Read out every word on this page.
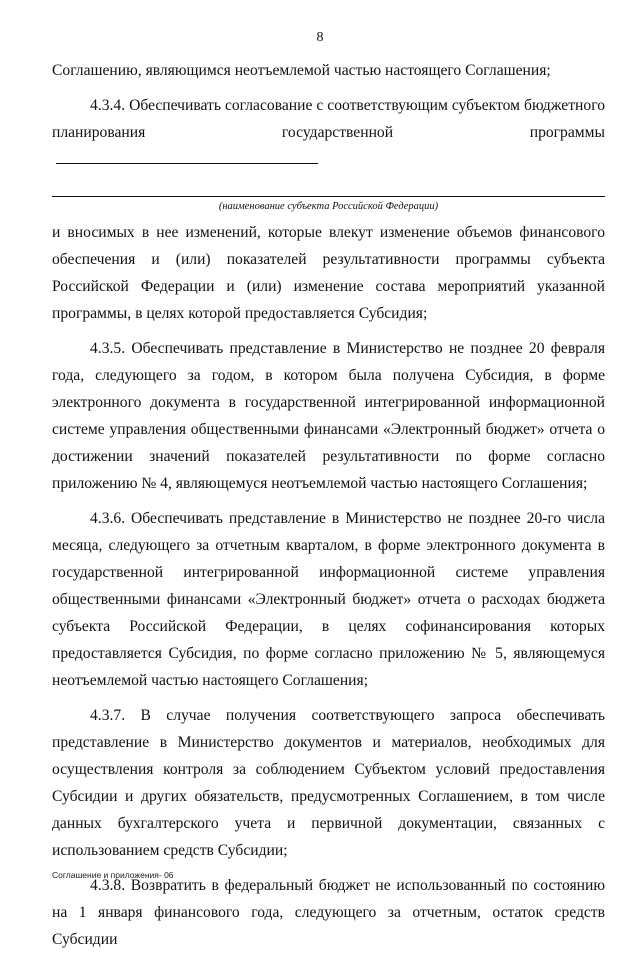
8

Соглашению, являющимся неотъемлемой частью настоящего Соглашения;

4.3.4. Обеспечивать согласование с соответствующим субъектом бюджетного планирования государственной программы

(наименование субъекта Российской Федерации)

и вносимых в нее изменений, которые влекут изменение объемов финансового обеспечения и (или) показателей результативности программы субъекта Российской Федерации и (или) изменение состава мероприятий указанной программы, в целях которой предоставляется Субсидия;

4.3.5. Обеспечивать представление в Министерство не позднее 20 февраля года, следующего за годом, в котором была получена Субсидия, в форме электронного документа в государственной интегрированной информационной системе управления общественными финансами «Электронный бюджет» отчета о достижении значений показателей результативности по форме согласно приложению № 4, являющемуся неотъемлемой частью настоящего Соглашения;

4.3.6. Обеспечивать представление в Министерство не позднее 20-го числа месяца, следующего за отчетным кварталом, в форме электронного документа в государственной интегрированной информационной системе управления общественными финансами «Электронный бюджет» отчета о расходах бюджета субъекта Российской Федерации, в целях софинансирования которых предоставляется Субсидия, по форме согласно приложению № 5, являющемуся неотъемлемой частью настоящего Соглашения;

4.3.7. В случае получения соответствующего запроса обеспечивать представление в Министерство документов и материалов, необходимых для осуществления контроля за соблюдением Субъектом условий предоставления Субсидии и других обязательств, предусмотренных Соглашением, в том числе данных бухгалтерского учета и первичной документации, связанных с использованием средств Субсидии;

4.3.8. Возвратить в федеральный бюджет не использованный по состоянию на 1 января финансового года, следующего за отчетным, остаток средств Субсидии

Соглашение и приложения- 06
